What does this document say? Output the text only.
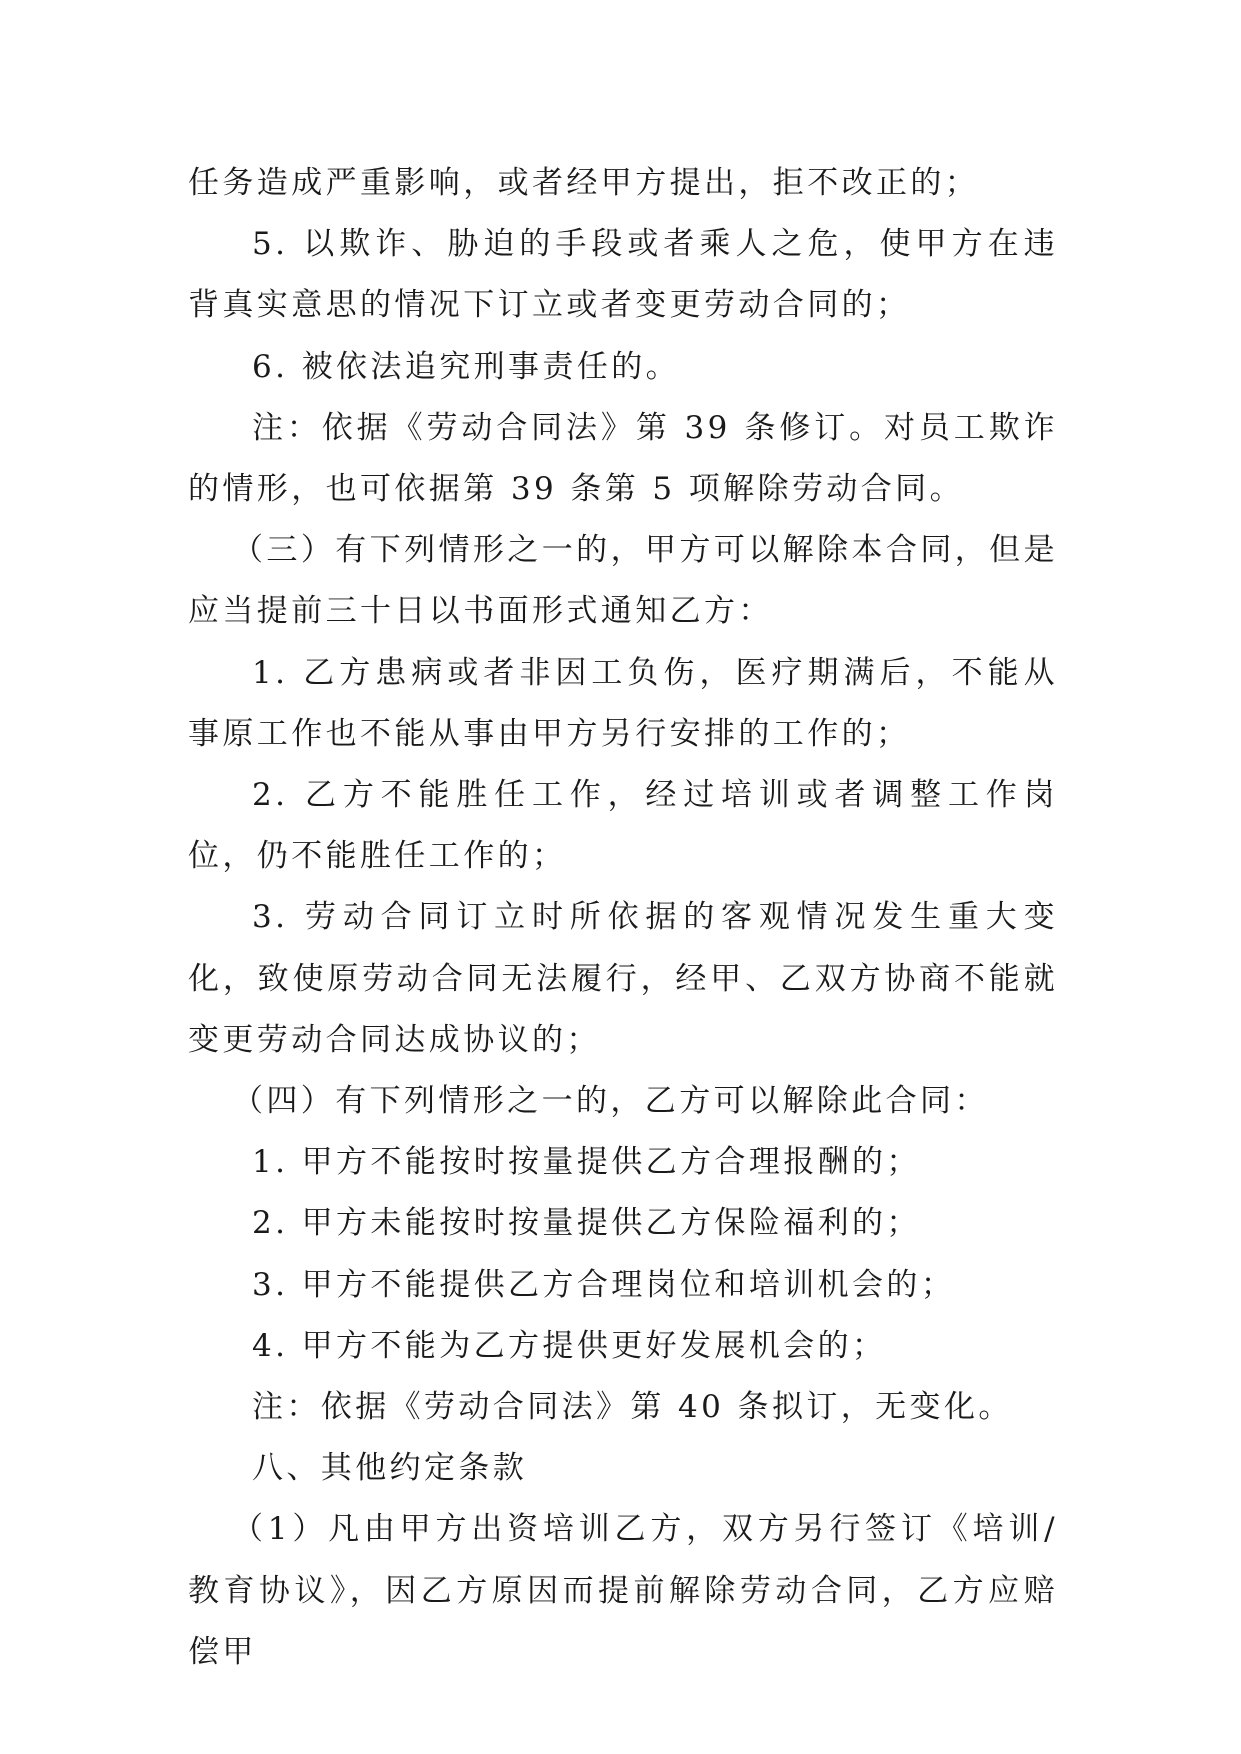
任务造成严重影响，或者经甲方提出，拒不改正的；

5. 以欺诈、胁迫的手段或者乘人之危，使甲方在违背真实意思的情况下订立或者变更劳动合同的；

6. 被依法追究刑事责任的。

注：依据《劳动合同法》第 39 条修订。对员工欺诈的情形，也可依据第 39 条第 5 项解除劳动合同。

（三）有下列情形之一的，甲方可以解除本合同，但是应当提前三十日以书面形式通知乙方：

1. 乙方患病或者非因工负伤，医疗期满后，不能从事原工作也不能从事由甲方另行安排的工作的；

2. 乙方不能胜任工作，经过培训或者调整工作岗位，仍不能胜任工作的；

3. 劳动合同订立时所依据的客观情况发生重大变化，致使原劳动合同无法履行，经甲、乙双方协商不能就变更劳动合同达成协议的；

（四）有下列情形之一的，乙方可以解除此合同：

1. 甲方不能按时按量提供乙方合理报酬的；

2. 甲方未能按时按量提供乙方保险福利的；

3. 甲方不能提供乙方合理岗位和培训机会的；

4. 甲方不能为乙方提供更好发展机会的；

注：依据《劳动合同法》第 40 条拟订，无变化。

八、其他约定条款

（1）凡由甲方出资培训乙方，双方另行签订《培训/教育协议》，因乙方原因而提前解除劳动合同，乙方应赔偿甲
